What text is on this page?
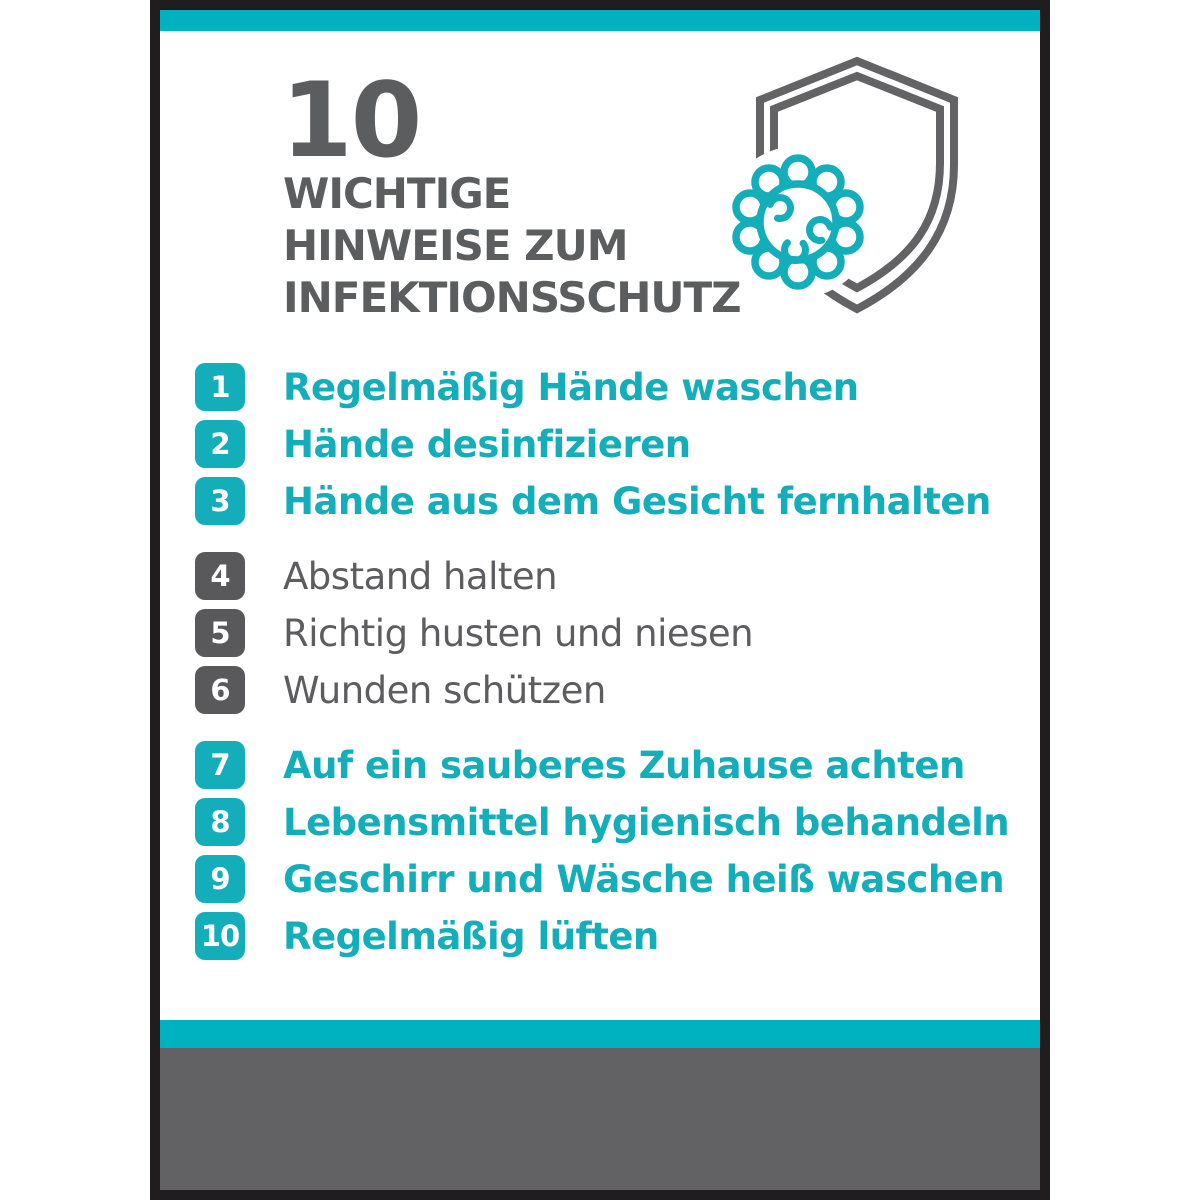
10
WICHTIGE
HINWEISE ZUM
INFEKTIONSSCHUTZ
1	Regelmäßig Hände waschen
2	Hände desinfizieren
3	Hände aus dem Gesicht fernhalten
4	Abstand halten
5	Richtig husten und niesen
6	Wunden schützen
7	Auf ein sauberes Zuhause achten
8	Lebensmittel hygienisch behandeln
9	Geschirr und Wäsche heiß waschen
10 Regelmäßig lüften
